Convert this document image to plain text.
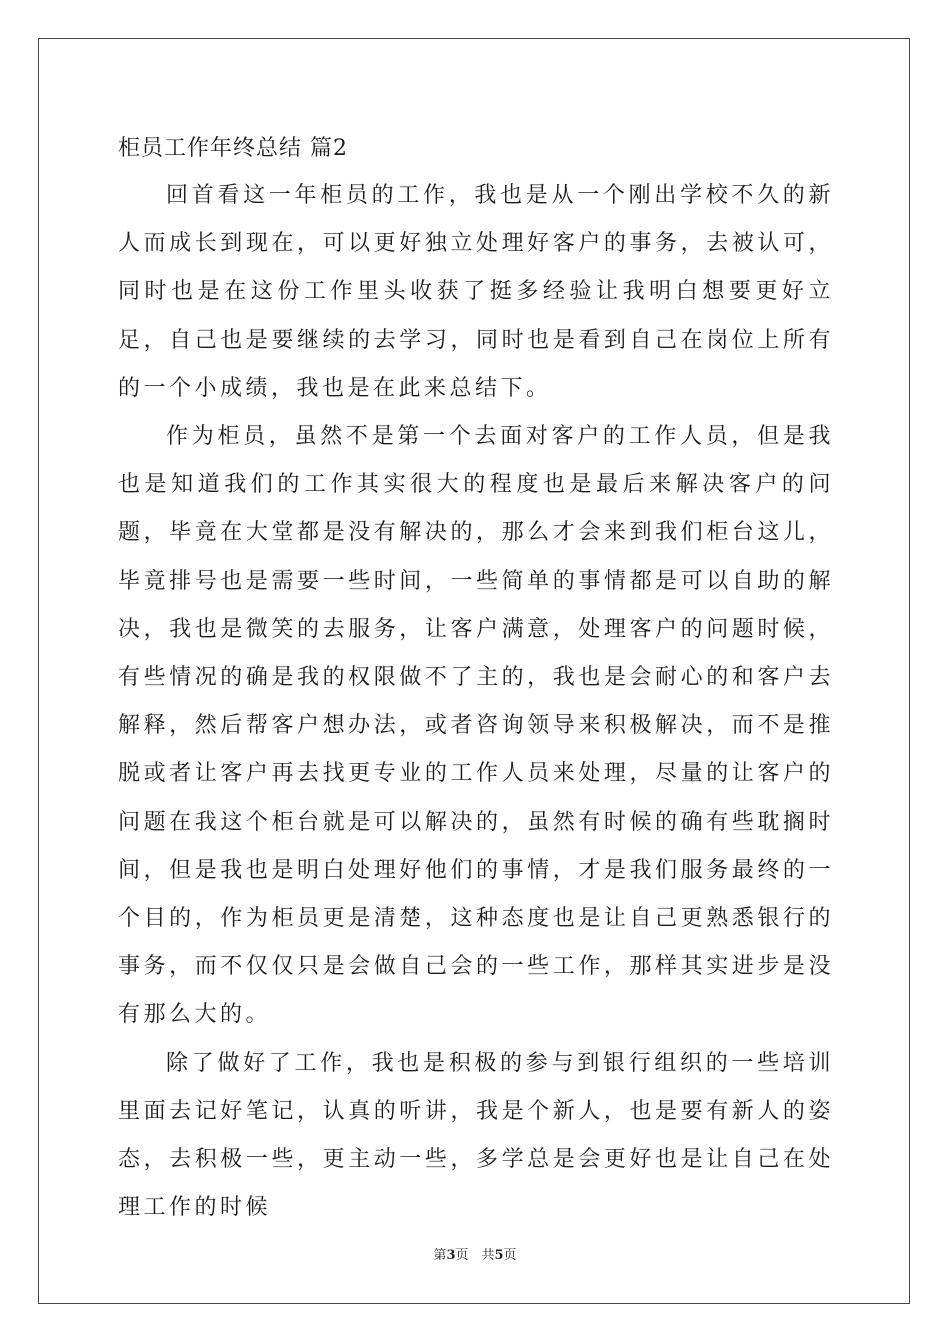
柜员工作年终总结 篇2

回首看这一年柜员的工作，我也是从一个刚出学校不久的新人而成长到现在，可以更好独立处理好客户的事务，去被认可，同时也是在这份工作里头收获了挺多经验让我明白想要更好立足，自己也是要继续的去学习，同时也是看到自己在岗位上所有的一个小成绩，我也是在此来总结下。

作为柜员，虽然不是第一个去面对客户的工作人员，但是我也是知道我们的工作其实很大的程度也是最后来解决客户的问题，毕竟在大堂都是没有解决的，那么才会来到我们柜台这儿，毕竟排号也是需要一些时间，一些简单的事情都是可以自助的解决，我也是微笑的去服务，让客户满意，处理客户的问题时候，有些情况的确是我的权限做不了主的，我也是会耐心的和客户去解释，然后帮客户想办法，或者咨询领导来积极解决，而不是推脱或者让客户再去找更专业的工作人员来处理，尽量的让客户的问题在我这个柜台就是可以解决的，虽然有时候的确有些耽搁时间，但是我也是明白处理好他们的事情，才是我们服务最终的一个目的，作为柜员更是清楚，这种态度也是让自己更熟悉银行的事务，而不仅仅只是会做自己会的一些工作，那样其实进步是没有那么大的。

除了做好了工作，我也是积极的参与到银行组织的一些培训里面去记好笔记，认真的听讲，我是个新人，也是要有新人的姿态，去积极一些，更主动一些，多学总是会更好也是让自己在处理工作的时候

第3页　共5页
